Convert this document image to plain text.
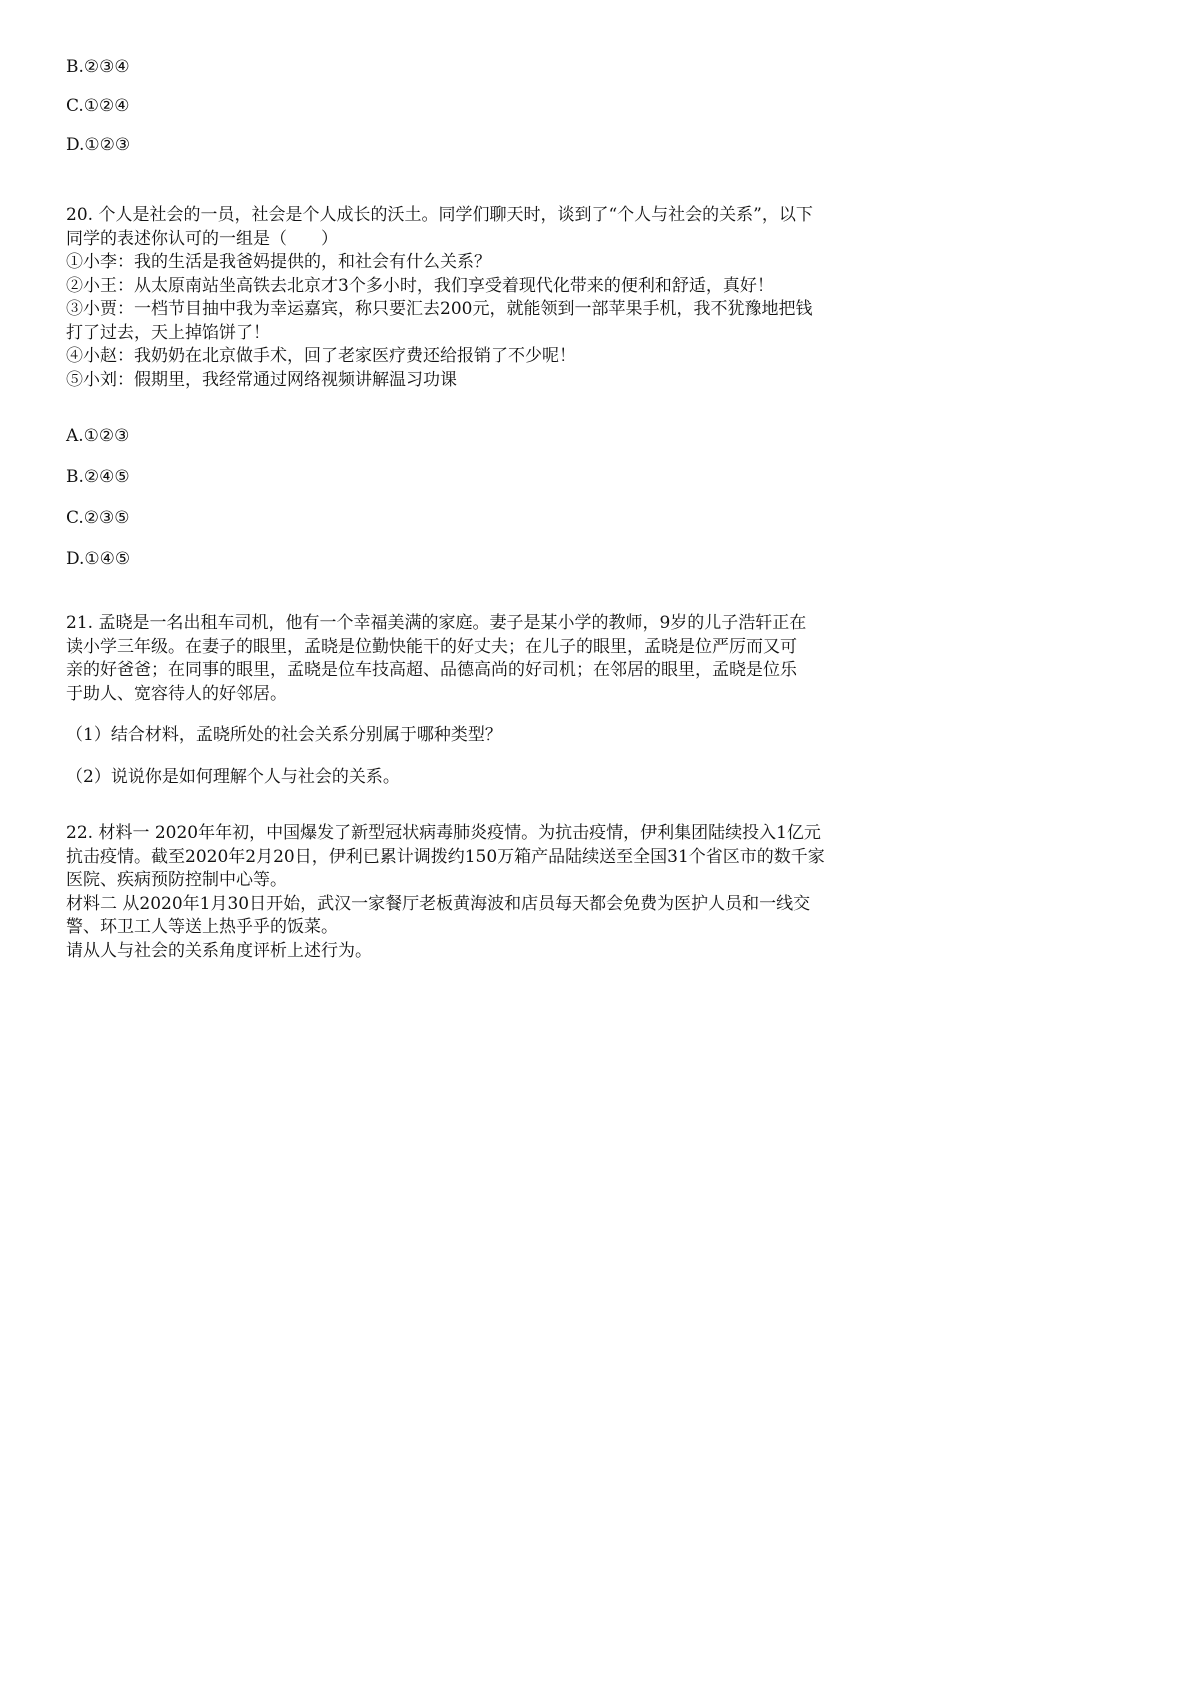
B.②③④
C.①②④
D.①②③
20. 个人是社会的一员，社会是个人成长的沃土。同学们聊天时，谈到了“个人与社会的关系”，以下
同学的表述你认可的一组是（　　）
①小李：我的生活是我爸妈提供的，和社会有什么关系？
②小王：从太原南站坐高铁去北京才3个多小时，我们享受着现代化带来的便利和舒适，真好！
③小贾：一档节目抽中我为幸运嘉宾，称只要汇去200元，就能领到一部苹果手机，我不犹豫地把钱
打了过去，天上掉馅饼了！
④小赵：我奶奶在北京做手术，回了老家医疗费还给报销了不少呢！
⑤小刘：假期里，我经常通过网络视频讲解温习功课
A.①②③
B.②④⑤
C.②③⑤
D.①④⑤
21. 孟晓是一名出租车司机，他有一个幸福美满的家庭。妻子是某小学的教师，9岁的儿子浩轩正在
读小学三年级。在妻子的眼里，孟晓是位勤快能干的好丈夫；在儿子的眼里，孟晓是位严厉而又可
亲的好爸爸；在同事的眼里，孟晓是位车技高超、品德高尚的好司机；在邻居的眼里，孟晓是位乐
于助人、宽容待人的好邻居。
（1）结合材料，孟晓所处的社会关系分别属于哪种类型？
（2）说说你是如何理解个人与社会的关系。
22. 材料一 2020年年初，中国爆发了新型冠状病毒肺炎疫情。为抗击疫情，伊利集团陆续投入1亿元
抗击疫情。截至2020年2月20日，伊利已累计调拨约150万箱产品陆续送至全国31个省区市的数千家
医院、疾病预防控制中心等。
材料二 从2020年1月30日开始，武汉一家餐厅老板黄海波和店员每天都会免费为医护人员和一线交
警、环卫工人等送上热乎乎的饭菜。
请从人与社会的关系角度评析上述行为。
